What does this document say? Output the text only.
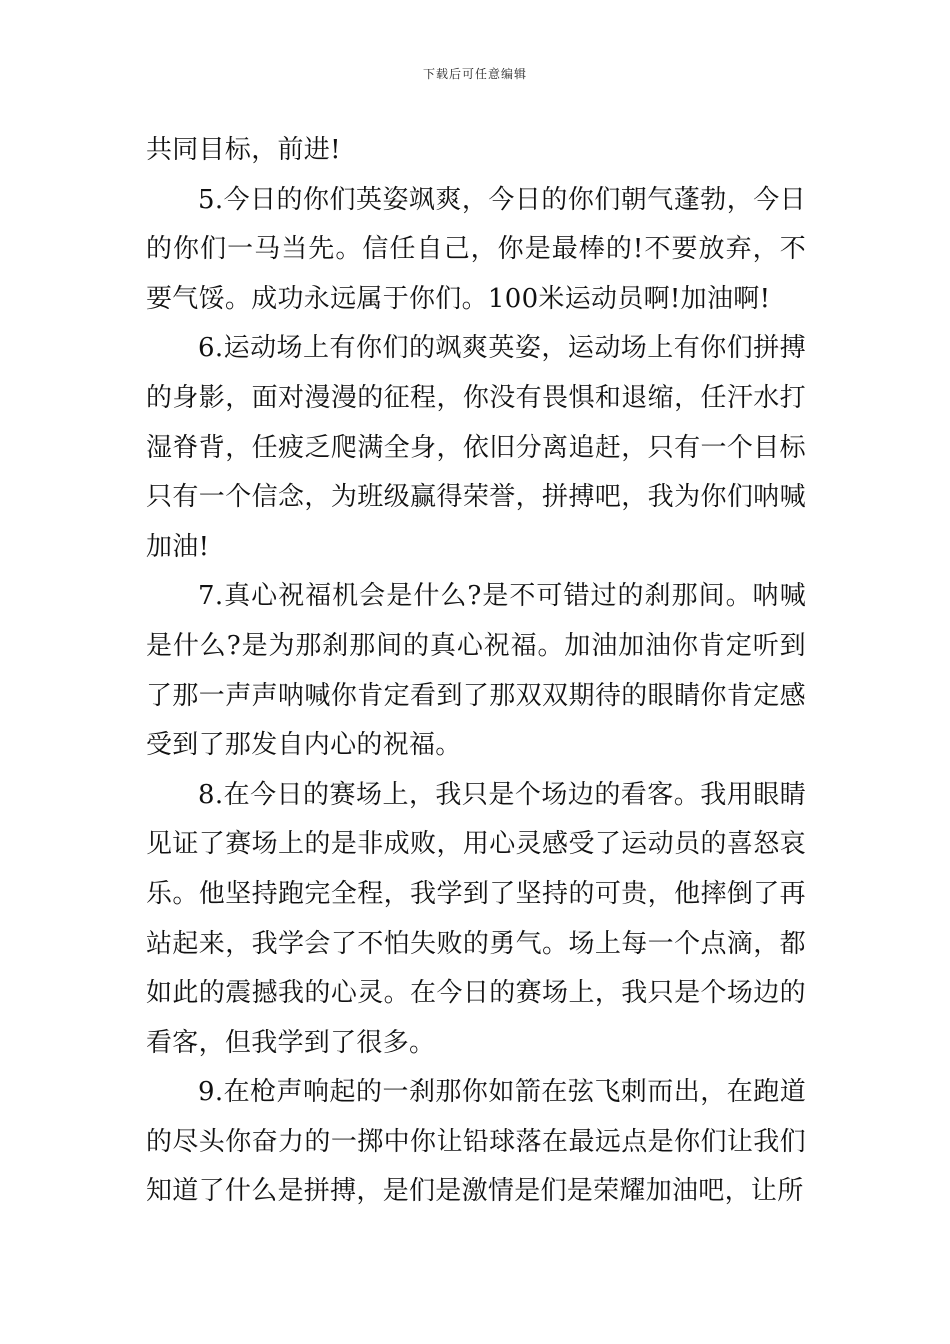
下载后可任意编辑

共同目标，前进!

5.今日的你们英姿飒爽，今日的你们朝气蓬勃，今日的你们一马当先。信任自己，你是最棒的!不要放弃，不要气馁。成功永远属于你们。100米运动员啊!加油啊!

6.运动场上有你们的飒爽英姿，运动场上有你们拼搏的身影，面对漫漫的征程，你没有畏惧和退缩，任汗水打湿脊背，任疲乏爬满全身，依旧分离追赶，只有一个目标只有一个信念，为班级赢得荣誉，拼搏吧，我为你们呐喊加油!

7.真心祝福机会是什么?是不可错过的刹那间。呐喊是什么?是为那刹那间的真心祝福。加油加油你肯定听到了那一声声呐喊你肯定看到了那双双期待的眼睛你肯定感受到了那发自内心的祝福。

8.在今日的赛场上，我只是个场边的看客。我用眼睛见证了赛场上的是非成败，用心灵感受了运动员的喜怒哀乐。他坚持跑完全程，我学到了坚持的可贵，他摔倒了再站起来，我学会了不怕失败的勇气。场上每一个点滴，都如此的震撼我的心灵。在今日的赛场上，我只是个场边的看客，但我学到了很多。

9.在枪声响起的一刹那你如箭在弦飞刺而出，在跑道的尽头你奋力的一掷中你让铅球落在最远点是你们让我们知道了什么是拼搏，是们是激情是们是荣耀加油吧，让所
